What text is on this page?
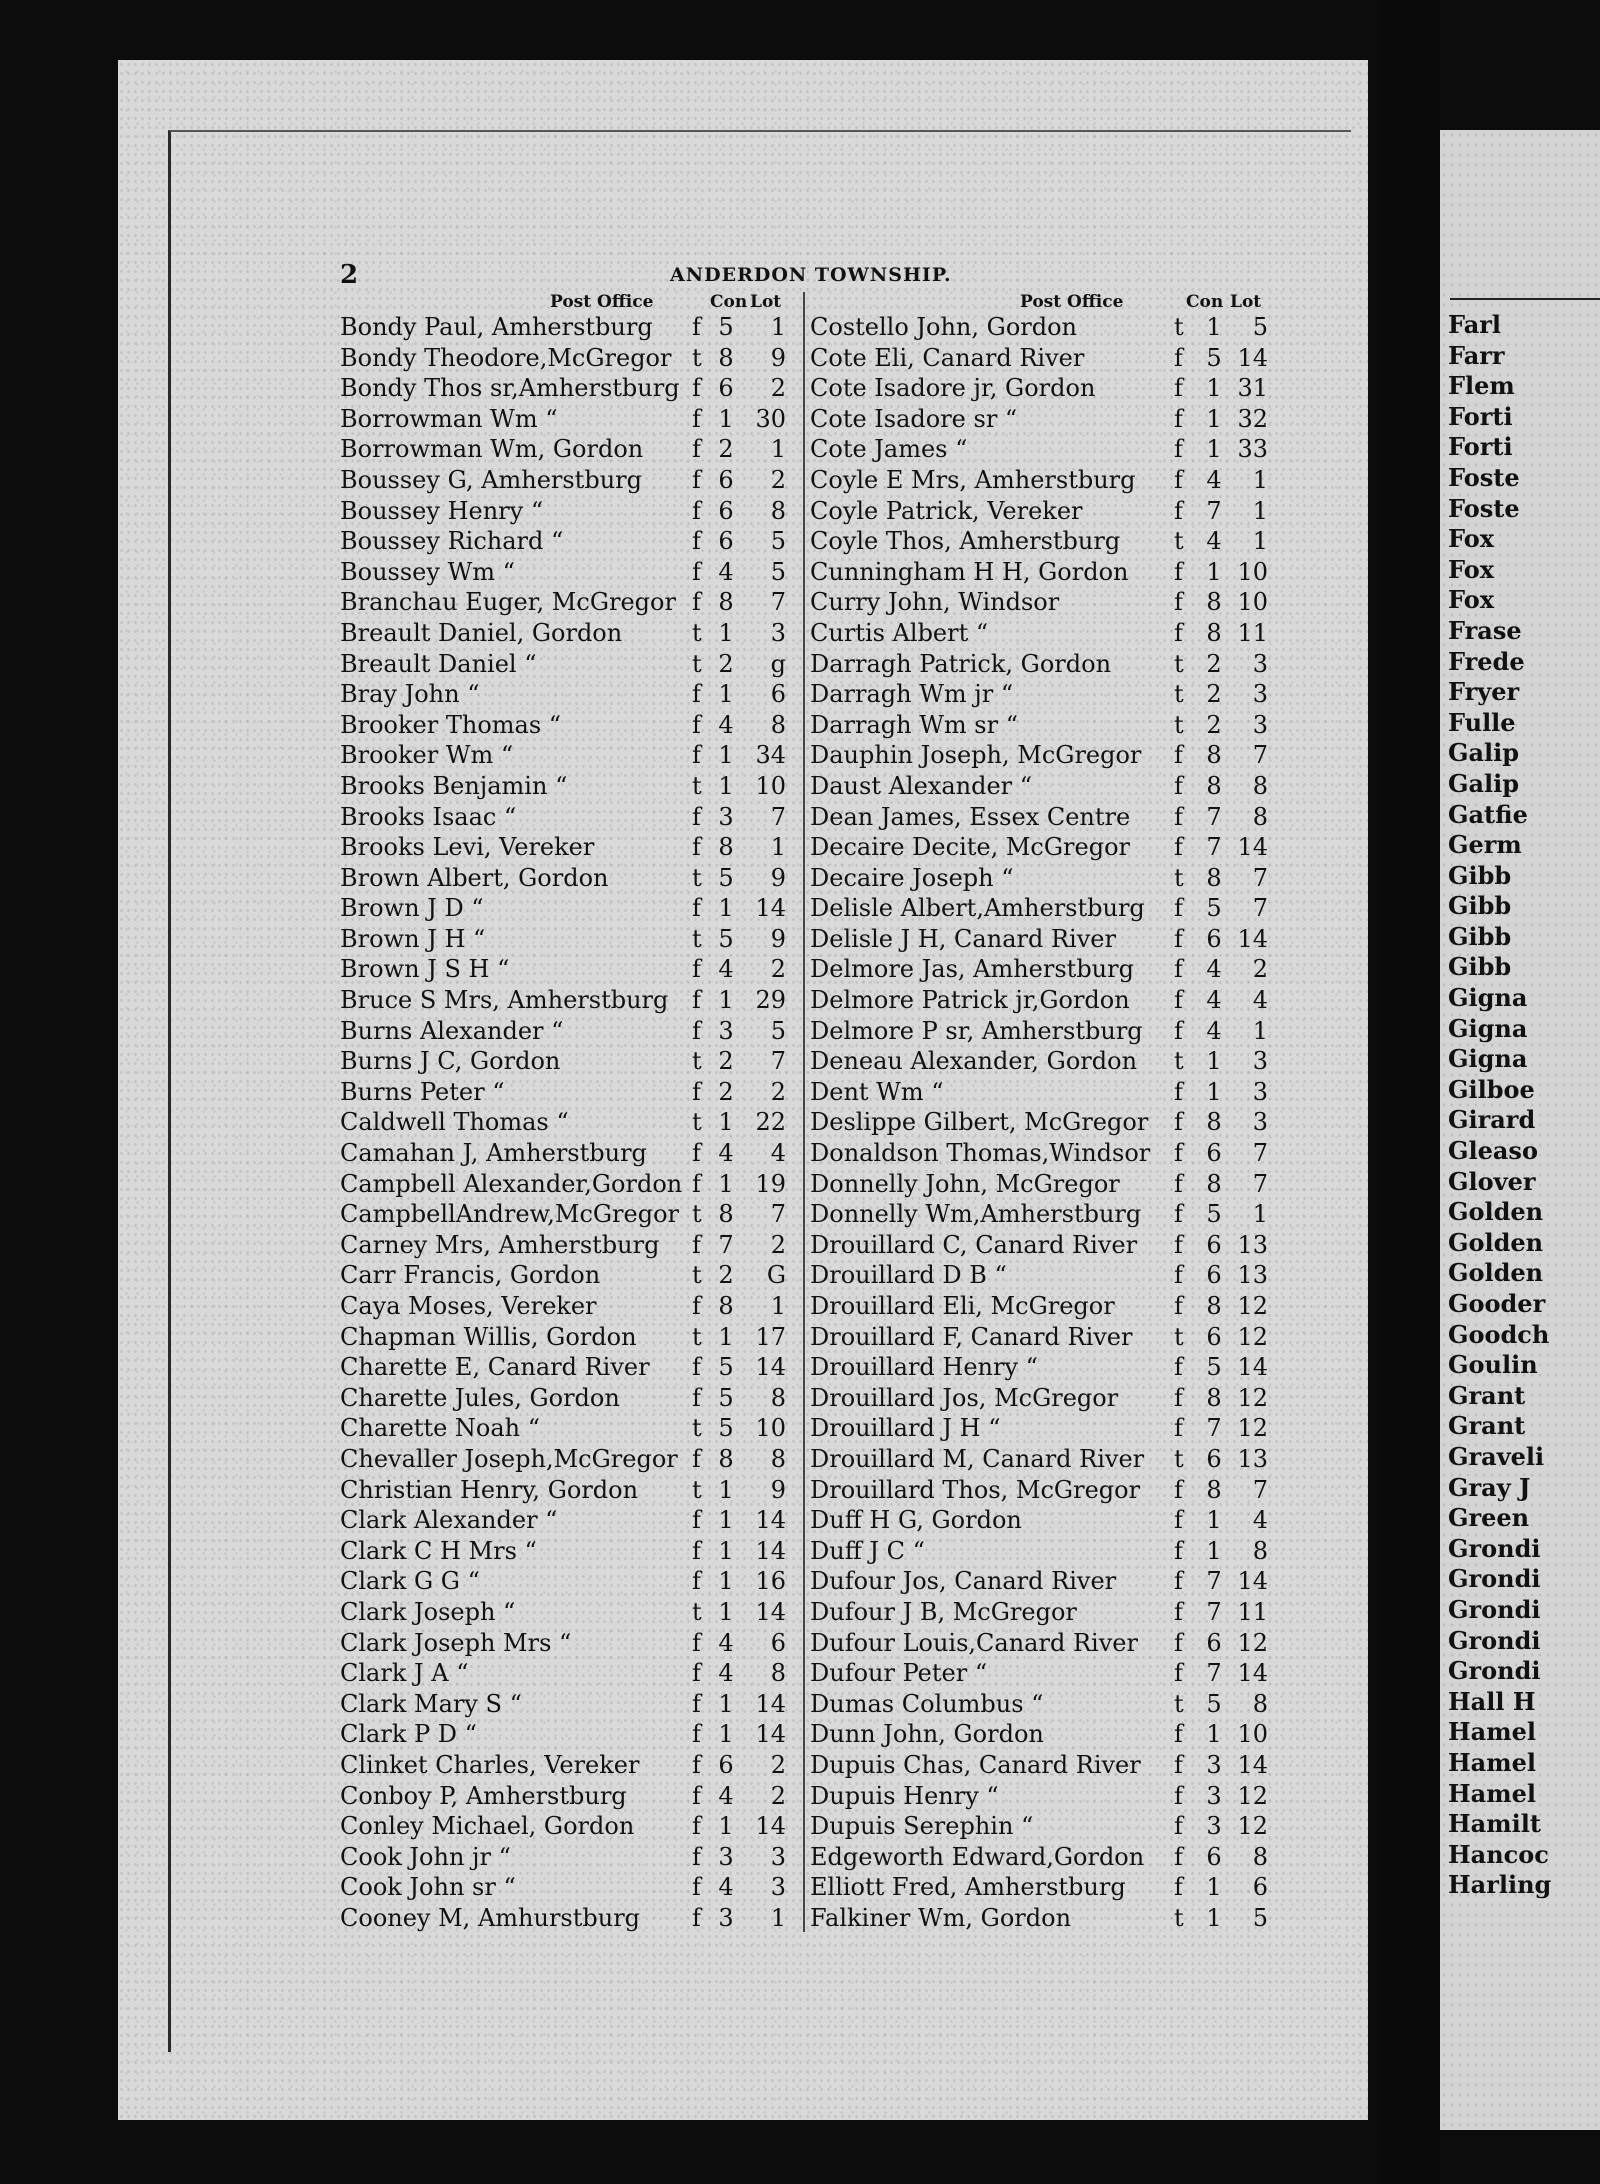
Farl
Farr
Flem
Forti
Forti
Foste
Foste
Fox
Fox
Fox
Frase
Frede
Fryer
Fulle
Galip
Galip
Gatfie
Germ
Gibb
Gibb
Gibb
Gibb
Gigna
Gigna
Gigna
Gilboe
Girard
Gleaso
Glover
Golden
Golden
Golden
Gooder
Goodch
Goulin
Grant
Grant
Graveli
Gray J
Green
Grondi
Grondi
Grondi
Grondi
Grondi
Hall H
Hamel
Hamel
Hamel
Hamilt
Hancoc
Harling
2	ANDERDON TOWNSHIP.
Post Office	Con Lot
Bondy Paul, Amherstburg f 5	1
Bondy Theodore,McGregor t 8	9
Bondy Thos sr,Amherstburg f 6	2
Borrowman Wm “	f 1 30
Borrowman Wm, Gordon f 2	1
Boussey G, Amherstburg f 6	2
Boussey Henry “	f 6	8
Boussey Richard “	f 6	5
Boussey Wm “	f 4	5
Branchau Euger, McGregor f 8	7
Breault Daniel, Gordon	t 1	3
Breault Daniel “	t 2	g
Bray John “	f 1	6
Brooker Thomas “	f 4	8
Brooker Wm “	f 1 34
Brooks Benjamin “	t 1 10
Brooks Isaac “	f 3	7
Brooks Levi, Vereker	f 8	1
Brown Albert, Gordon	t 5	9
Brown J D “	f 1 14
Brown J H “	t 5	9
Brown J S H “	f 4	2
Bruce S Mrs, Amherstburg f 1 29
Burns Alexander “	f 3	5
Burns J C, Gordon	t 2	7
Burns Peter “	f 2	2
Caldwell Thomas “	t 1 22
Camahan J, Amherstburg f 4	4
Campbell Alexander,Gordon f 1 19
CampbellAndrew,McGregor t 8	7
Carney Mrs, Amherstburg f 7	2
Carr Francis, Gordon	t 2	G
Caya Moses, Vereker	f 8	1
Chapman Willis, Gordon t 1 17
Charette E, Canard River f 5 14
Charette Jules, Gordon	f 5	8
Charette Noah “	t 5 10
Chevaller Joseph,McGregor f 8	8
Christian Henry, Gordon t 1	9
Clark Alexander “	f 1 14
Clark C H Mrs “	f 1 14
Clark G G “	f 1 16
Clark Joseph “	t 1 14
Clark Joseph Mrs “	f 4	6
Clark J A “	f 4	8
Clark Mary S “	f 1 14
Clark P D “	f 1 14
Clinket Charles, Vereker f 6	2
Conboy P, Amherstburg	f 4	2
Conley Michael, Gordon f 1 14
Cook John jr “	f 3	3
Cook John sr “	f 4	3
Cooney M, Amhurstburg f 3	1
Post Office	Con Lot
Costello John, Gordon	t 1	5
Cote Eli, Canard River	f 5 14
Cote Isadore jr, Gordon	f 1 31
Cote Isadore sr “	f 1 32
Cote James “	f 1 33
Coyle E Mrs, Amherstburg f 4	1
Coyle Patrick, Vereker	f 7	1
Coyle Thos, Amherstburg t 4	1
Cunningham H H, Gordon f 1 10
Curry John, Windsor	f 8 10
Curtis Albert “	f 8 11
Darragh Patrick, Gordon	t 2	3
Darragh Wm jr “	t 2	3
Darragh Wm sr “	t 2	3
Dauphin Joseph, McGregor f 8	7
Daust Alexander “	f 8	8
Dean James, Essex Centre f 7	8
Decaire Decite, McGregor f 7 14
Decaire Joseph “	t 8	7
Delisle Albert,Amherstburg f 5	7
Delisle J H, Canard River f 6 14
Delmore Jas, Amherstburg f 4	2
Delmore Patrick jr,Gordon f 4	4
Delmore P sr, Amherstburg f 4	1
Deneau Alexander, Gordon t 1	3
Dent Wm “	f 1	3
Deslippe Gilbert, McGregor f 8	3
Donaldson Thomas,Windsor f 6	7
Donnelly John, McGregor f 8	7
Donnelly Wm,Amherstburg f 5	1
Drouillard C, Canard River f 6 13
Drouillard D B “	f 6 13
Drouillard Eli, McGregor f 8 12
Drouillard F, Canard River t 6 12
Drouillard Henry “	f 5 14
Drouillard Jos, McGregor f 8 12
Drouillard J H “	f 7 12
Drouillard M, Canard River t 6 13
Drouillard Thos, McGregor f 8	7
Duff H G, Gordon	f 1	4
Duff J C “	f 1	8
Dufour Jos, Canard River f 7 14
Dufour J B, McGregor	f 7 11
Dufour Louis,Canard River f 6 12
Dufour Peter “	f 7 14
Dumas Columbus “	t 5	8
Dunn John, Gordon	f 1 10
Dupuis Chas, Canard River f 3 14
Dupuis Henry “	f 3 12
Dupuis Serephin “	f 3 12
Edgeworth Edward,Gordon f 6	8
Elliott Fred, Amherstburg f 1	6
Falkiner Wm, Gordon	t 1	5
